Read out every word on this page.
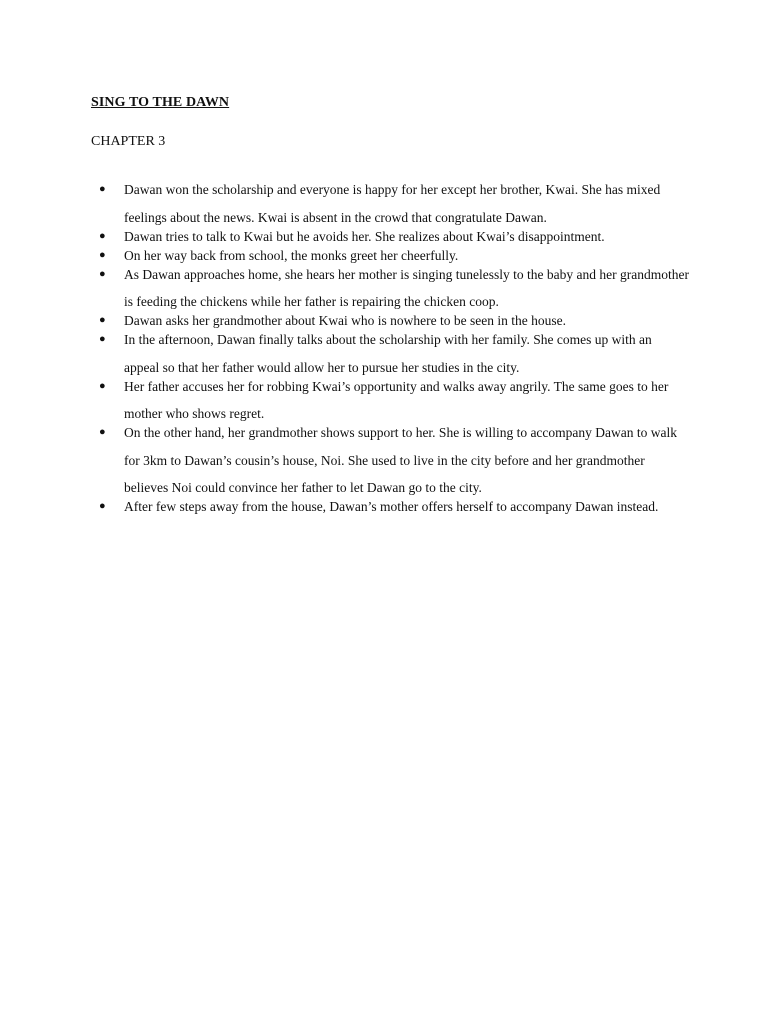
SING TO THE DAWN
CHAPTER 3
● Dawan won the scholarship and everyone is happy for her except her brother, Kwai. She has mixed feelings about the news. Kwai is absent in the crowd that congratulate Dawan.
● Dawan tries to talk to Kwai but he avoids her. She realizes about Kwai’s disappointment.
● On her way back from school, the monks greet her cheerfully.
● As Dawan approaches home, she hears her mother is singing tunelessly to the baby and her grandmother is feeding the chickens while her father is repairing the chicken coop.
● Dawan asks her grandmother about Kwai who is nowhere to be seen in the house.
● In the afternoon, Dawan finally talks about the scholarship with her family. She comes up with an appeal so that her father would allow her to pursue her studies in the city.
● Her father accuses her for robbing Kwai’s opportunity and walks away angrily. The same goes to her mother who shows regret.
● On the other hand, her grandmother shows support to her. She is willing to accompany Dawan to walk for 3km to Dawan’s cousin’s house, Noi. She used to live in the city before and her grandmother believes Noi could convince her father to let Dawan go to the city.
● After few steps away from the house, Dawan’s mother offers herself to accompany Dawan instead.
